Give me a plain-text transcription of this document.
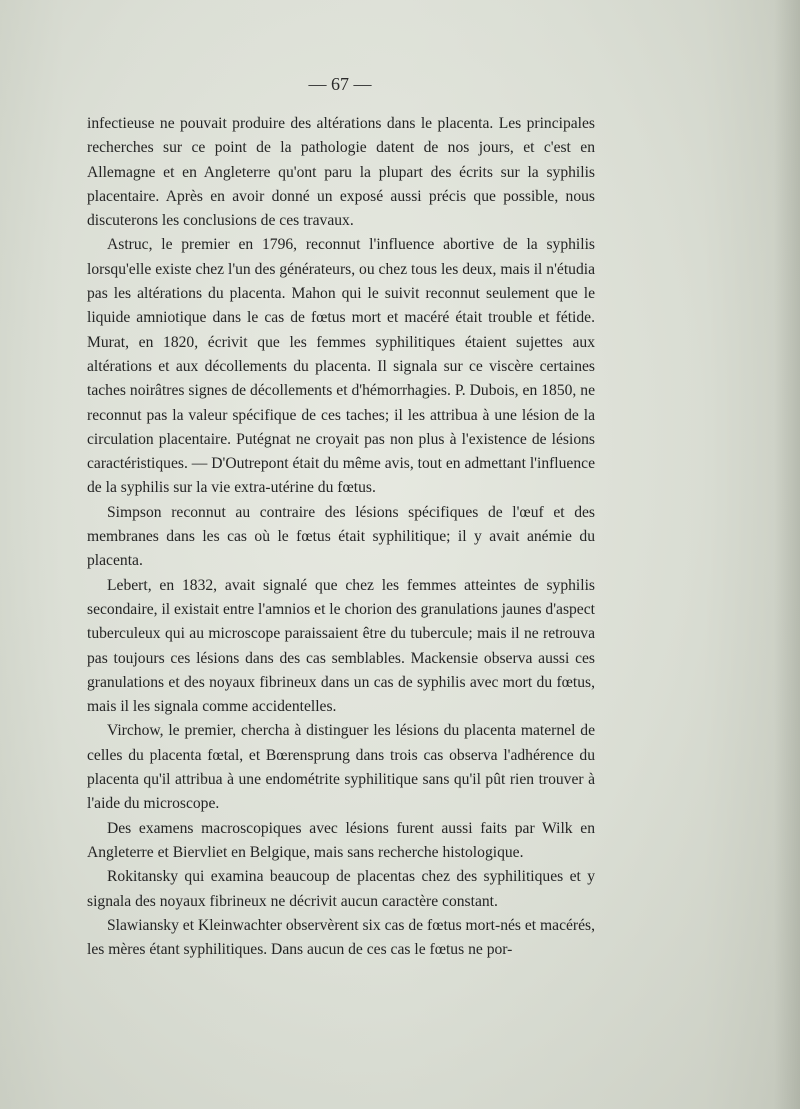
— 67 —

infectieuse ne pouvait produire des altérations dans le placenta. Les principales recherches sur ce point de la pathologie datent de nos jours, et c'est en Allemagne et en Angleterre qu'ont paru la plupart des écrits sur la syphilis placentaire. Après en avoir donné un exposé aussi précis que possible, nous discuterons les conclusions de ces travaux.

Astruc, le premier en 1796, reconnut l'influence abortive de la syphilis lorsqu'elle existe chez l'un des générateurs, ou chez tous les deux, mais il n'étudia pas les altérations du placenta. Mahon qui le suivit reconnut seulement que le liquide amniotique dans le cas de fœtus mort et macéré était trouble et fétide. Murat, en 1820, écrivit que les femmes syphilitiques étaient sujettes aux altérations et aux décollements du placenta. Il signala sur ce viscère certaines taches noirâtres signes de décollements et d'hémorrhagies. P. Dubois, en 1850, ne reconnut pas la valeur spécifique de ces taches; il les attribua à une lésion de la circulation placentaire. Putégnat ne croyait pas non plus à l'existence de lésions caractéristiques. — D'Outrepont était du même avis, tout en admettant l'influence de la syphilis sur la vie extra-utérine du fœtus.

Simpson reconnut au contraire des lésions spécifiques de l'œuf et des membranes dans les cas où le fœtus était syphilitique; il y avait anémie du placenta.

Lebert, en 1832, avait signalé que chez les femmes atteintes de syphilis secondaire, il existait entre l'amnios et le chorion des granulations jaunes d'aspect tuberculeux qui au microscope paraissaient être du tubercule; mais il ne retrouva pas toujours ces lésions dans des cas semblables. Mackensie observa aussi ces granulations et des noyaux fibrineux dans un cas de syphilis avec mort du fœtus, mais il les signala comme accidentelles.

Virchow, le premier, chercha à distinguer les lésions du placenta maternel de celles du placenta fœtal, et Bœrensprung dans trois cas observa l'adhérence du placenta qu'il attribua à une endométrite syphilitique sans qu'il pût rien trouver à l'aide du microscope.

Des examens macroscopiques avec lésions furent aussi faits par Wilk en Angleterre et Biervliet en Belgique, mais sans recherche histologique.

Rokitansky qui examina beaucoup de placentas chez des syphilitiques et y signala des noyaux fibrineux ne décrivit aucun caractère constant.

Slawiansky et Kleinwachter observèrent six cas de fœtus mort-nés et macérés, les mères étant syphilitiques. Dans aucun de ces cas le fœtus ne por-
